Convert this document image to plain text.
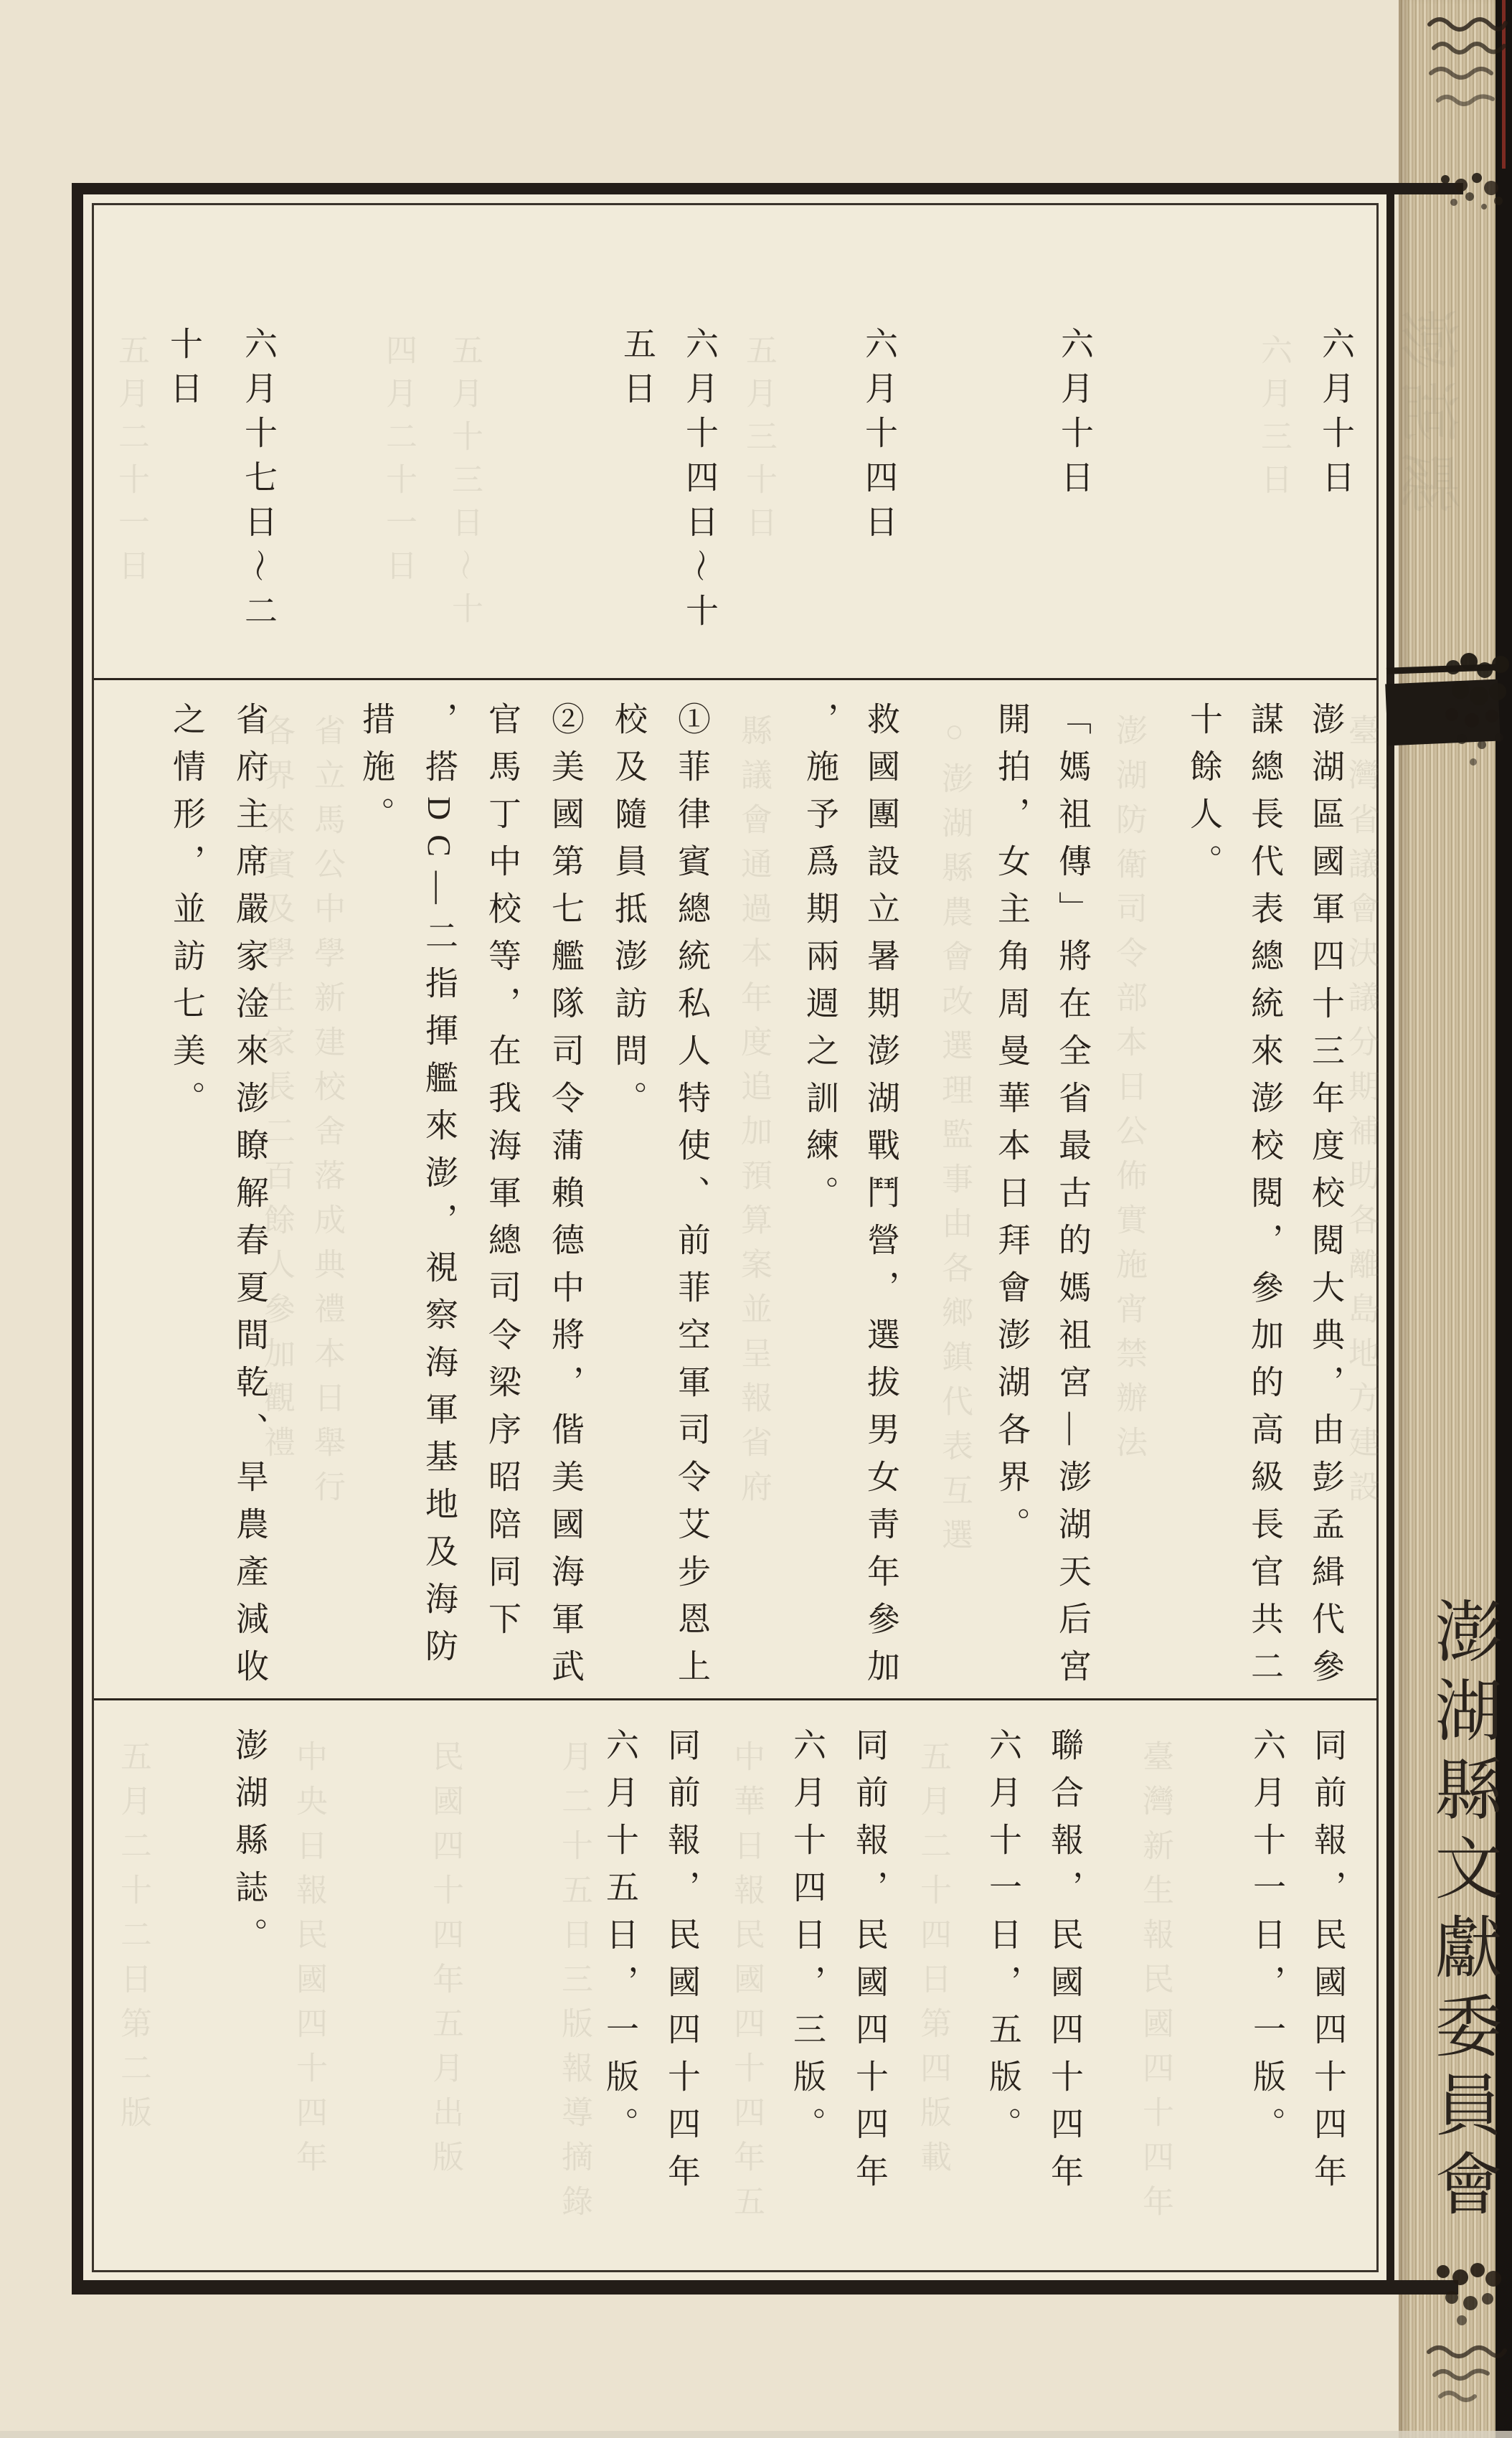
六月十日
澎湖區國軍四十三年度校閱大典，由彭孟緝代參
謀總長代表總統來澎校閱，參加的高級長官共二
十餘人。
同前報，民國四十四年
六月十一日，一版。
六月十日
「媽祖傳」將在全省最古的媽祖宮—澎湖天后宮
開拍，女主角周曼華本日拜會澎湖各界。
聯合報，民國四十四年
六月十一日，五版。
六月十四日
救國團設立暑期澎湖戰鬥營，選拔男女靑年參加
，施予爲期兩週之訓練。
同前報，民國四十四年
六月十四日，三版。
六月十四日～十
五日
①菲律賓總統私人特使、前菲空軍司令艾步恩上
校及隨員抵澎訪問。
②美國第七艦隊司令蒲賴德中將，偕美國海軍武
官馬丁中校等，在我海軍總司令梁序昭陪同下
，搭DC—二指揮艦來澎，視察海軍基地及海防
措施。
同前報，民國四十四年
六月十五日，一版。
六月十七日～二
十日
省府主席嚴家淦來澎瞭解春夏間乾、旱農產減收
之情形，並訪七美。
澎湖縣誌。	澎湖縣文獻委員會
六月三日
五月三十日
五月十三日～十
四月二十一日
五月二十一日
臺灣省議會決議分期補助各離島地方建設
澎湖防衛司令部本日公佈實施宵禁辦法
○澎湖縣農會改選理監事由各鄉鎮代表互選
縣議會通過本年度追加預算案並呈報省府
省立馬公中學新建校舍落成典禮本日舉行
各界來賓及學生家長二百餘人參加觀禮
臺灣新生報民國四十四年
五月二十四日第四版載
中華日報民國四十四年五
月二十五日三版報導摘錄
民國四十四年五月出版
中央日報民國四十四年
五月二十二日第二版
澎湖縣
